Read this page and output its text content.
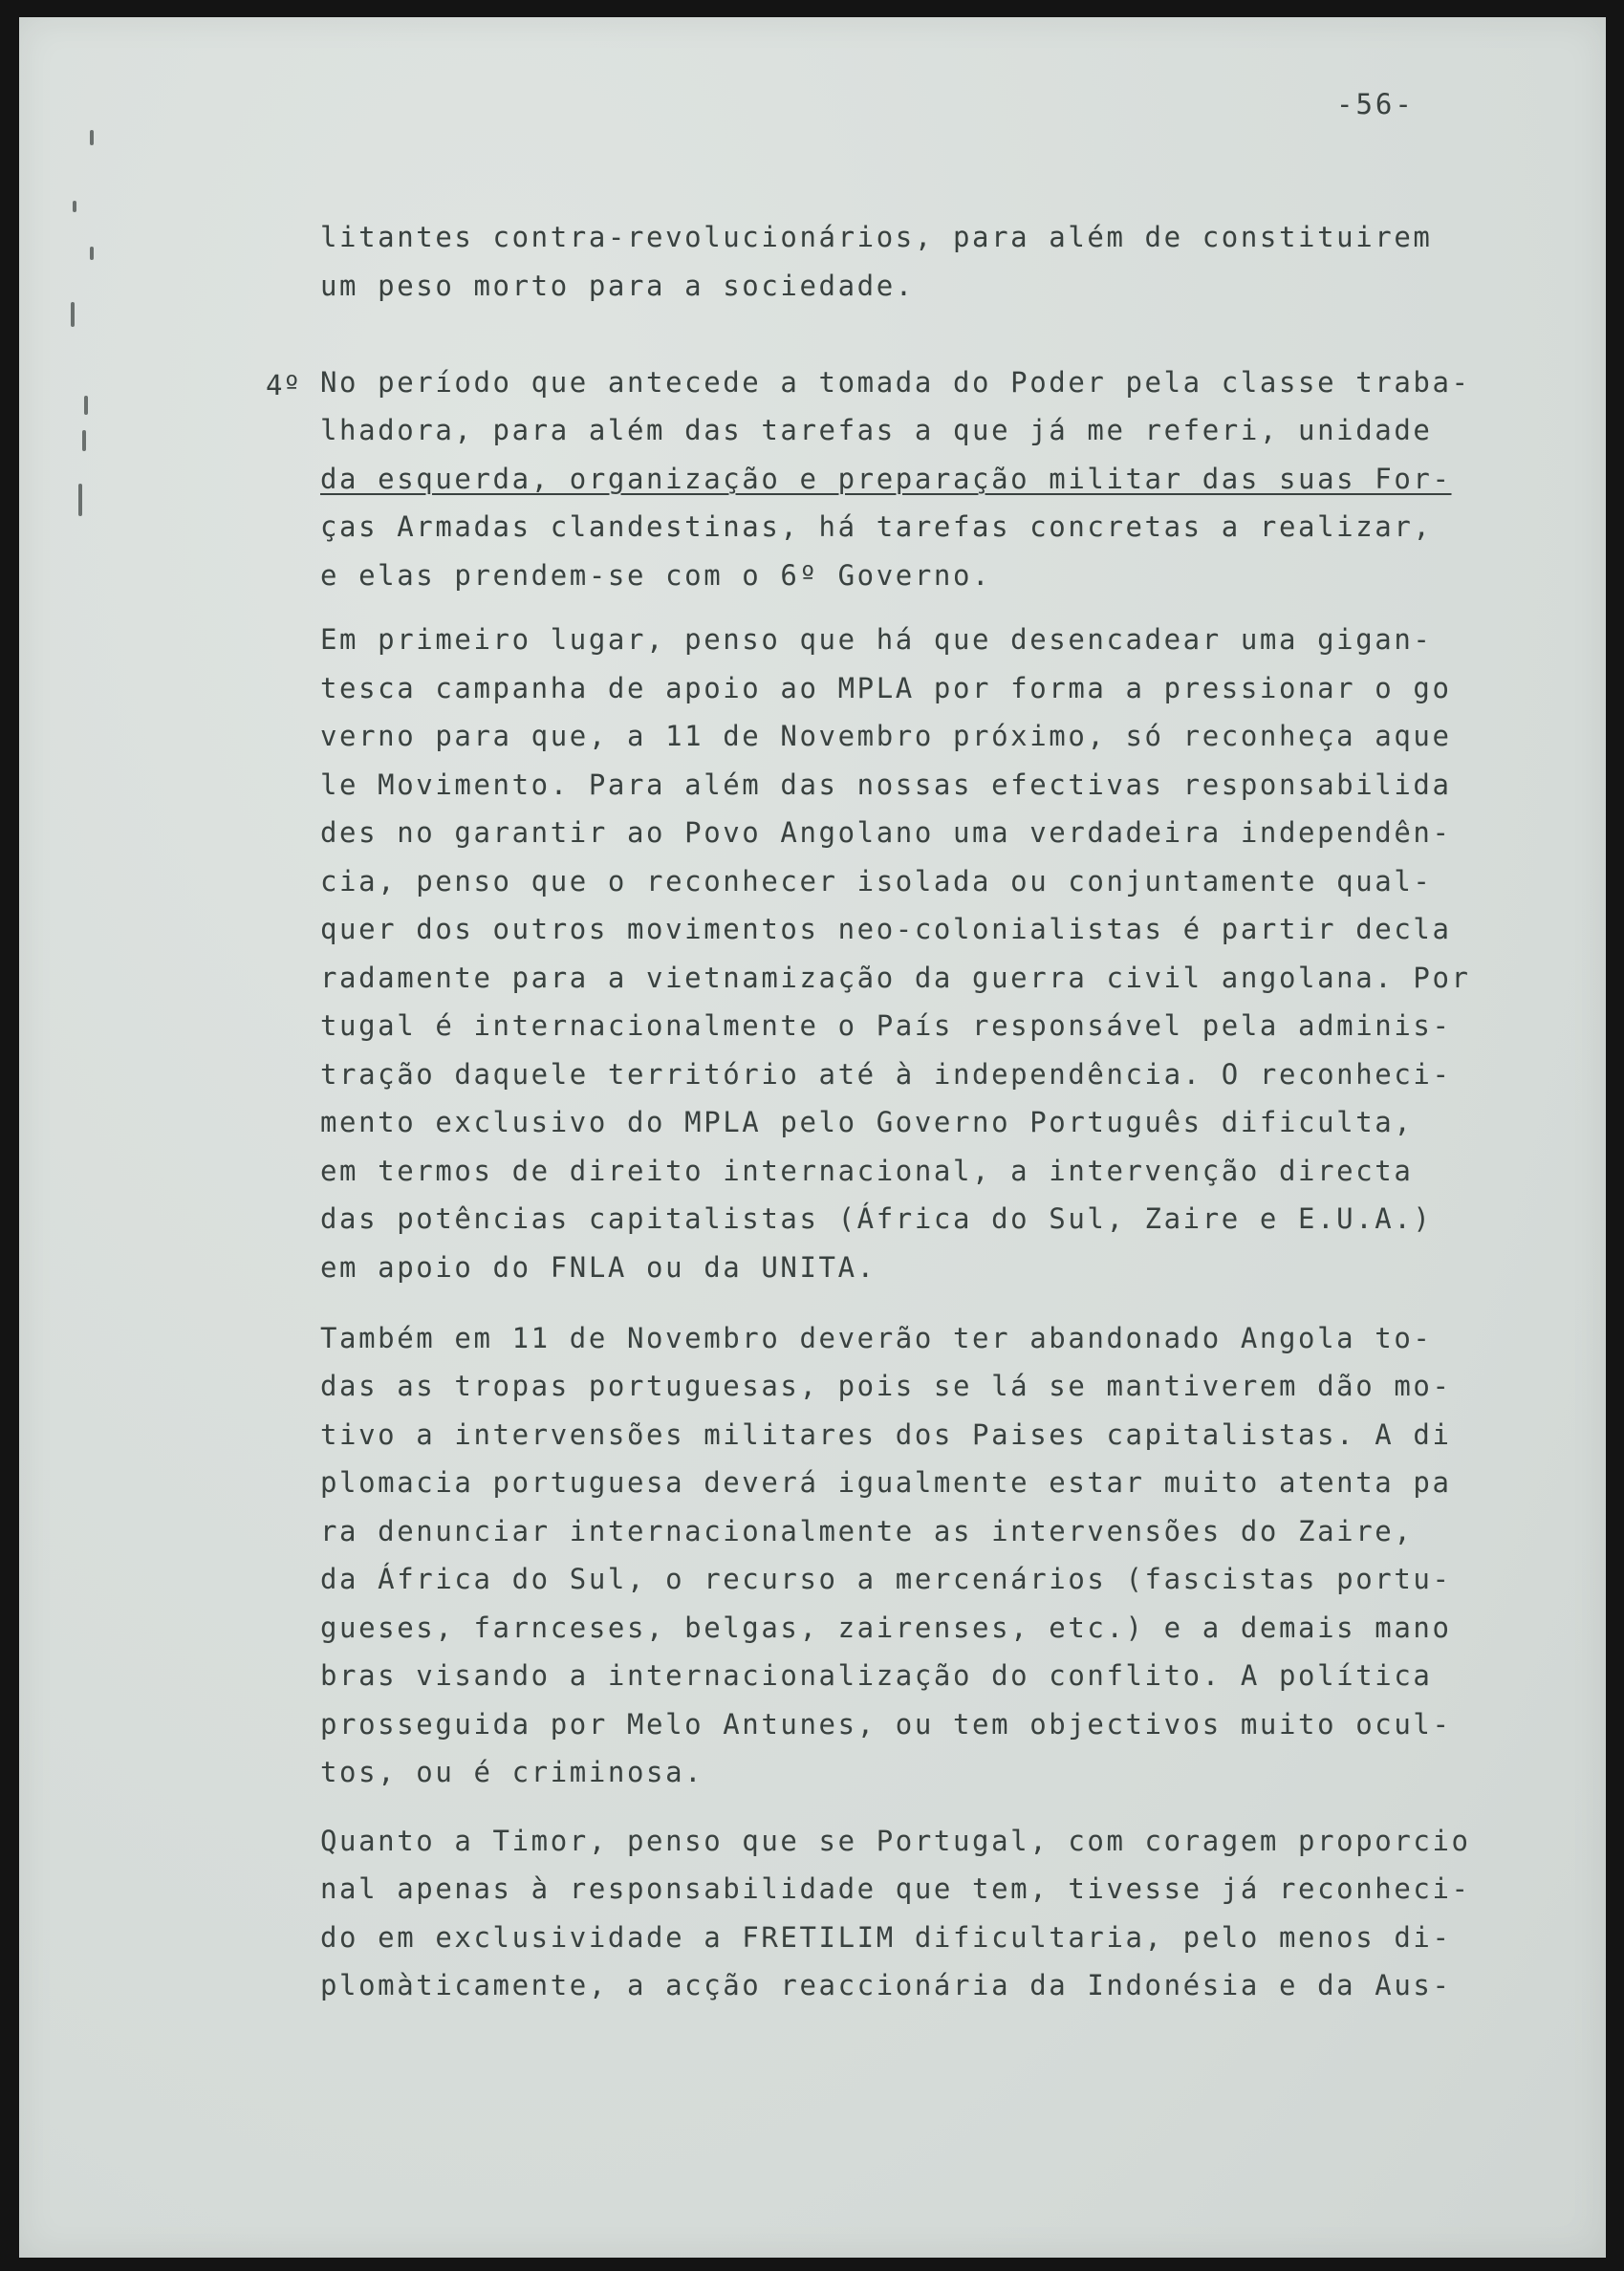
-56-
litantes contra-revolucionários, para além de constituirem
um peso morto para a sociedade.
4º No período que antecede a tomada do Poder pela classe traba-
lhadora, para além das tarefas a que já me referi, unidade
da esquerda, organização e preparação militar das suas For-
ças Armadas clandestinas, há tarefas concretas a realizar,
e elas prendem-se com o 6º Governo.
Em primeiro lugar, penso que há que desencadear uma gigan-
tesca campanha de apoio ao MPLA por forma a pressionar o go
verno para que, a 11 de Novembro próximo, só reconheça aque
le Movimento. Para além das nossas efectivas responsabilida
des no garantir ao Povo Angolano uma verdadeira independên-
cia, penso que o reconhecer isolada ou conjuntamente qual-
quer dos outros movimentos neo-colonialistas é partir decla
radamente para a vietnamização da guerra civil angolana. Por
tugal é internacionalmente o País responsável pela adminis-
tração daquele território até à independência. O reconheci-
mento exclusivo do MPLA pelo Governo Português dificulta,
em termos de direito internacional, a intervenção directa
das potências capitalistas (África do Sul, Zaire e E.U.A.)
em apoio do FNLA ou da UNITA.
Também em 11 de Novembro deverão ter abandonado Angola to-
das as tropas portuguesas, pois se lá se mantiverem dão mo-
tivo a intervensões militares dos Paises capitalistas. A di
plomacia portuguesa deverá igualmente estar muito atenta pa
ra denunciar internacionalmente as intervensões do Zaire,
da África do Sul, o recurso a mercenários (fascistas portu-
gueses, farnceses, belgas, zairenses, etc.) e a demais mano
bras visando a internacionalização do conflito. A política
prosseguida por Melo Antunes, ou tem objectivos muito ocul-
tos, ou é criminosa.
Quanto a Timor, penso que se Portugal, com coragem proporcio
nal apenas à responsabilidade que tem, tivesse já reconheci-
do em exclusividade a FRETILIM dificultaria, pelo menos di-
plomàticamente, a acção reaccionária da Indonésia e da Aus-
